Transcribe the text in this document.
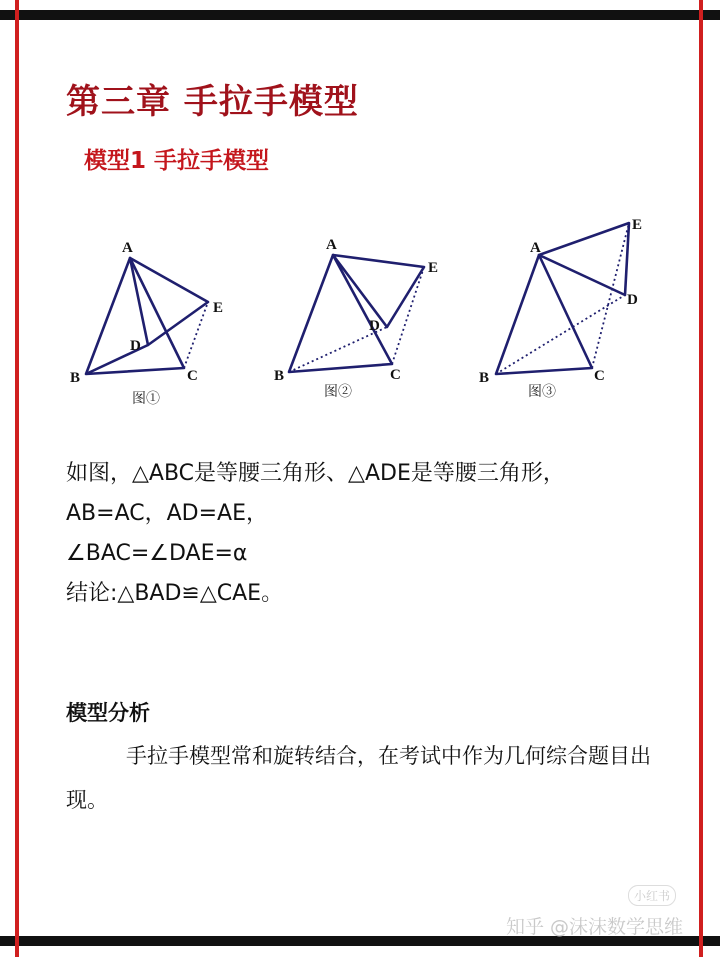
第三章 手拉手模型
模型1 手拉手模型
A
B	C
D
E
图①
A
B	C
D
E
图②
A
B	C
D
E
图③
如图，△ABC是等腰三角形、△ADE是等腰三角形，
AB=AC，AD=AE，
∠BAC=∠DAE=α
结论:△BAD≌△CAE。
模型分析
手拉手模型常和旋转结合，在考试中作为几何综合题目出现。
小红书
知乎 @沫沫数学思维
